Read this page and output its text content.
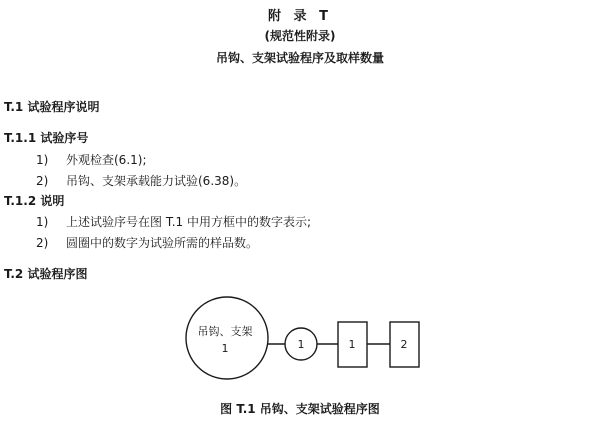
附 录 T
(规范性附录)
吊钩、支架试验程序及取样数量
T.1 试验程序说明
T.1.1 试验序号
1) 外观检查(6.1);
2) 吊钩、支架承载能力试验(6.38)。
T.1.2 说明
1) 上述试验序号在图 T.1 中用方框中的数字表示;
2) 圆圈中的数字为试验所需的样品数。
T.2 试验程序图
吊钩、支架
1	1	1	2
图 T.1 吊钩、支架试验程序图
